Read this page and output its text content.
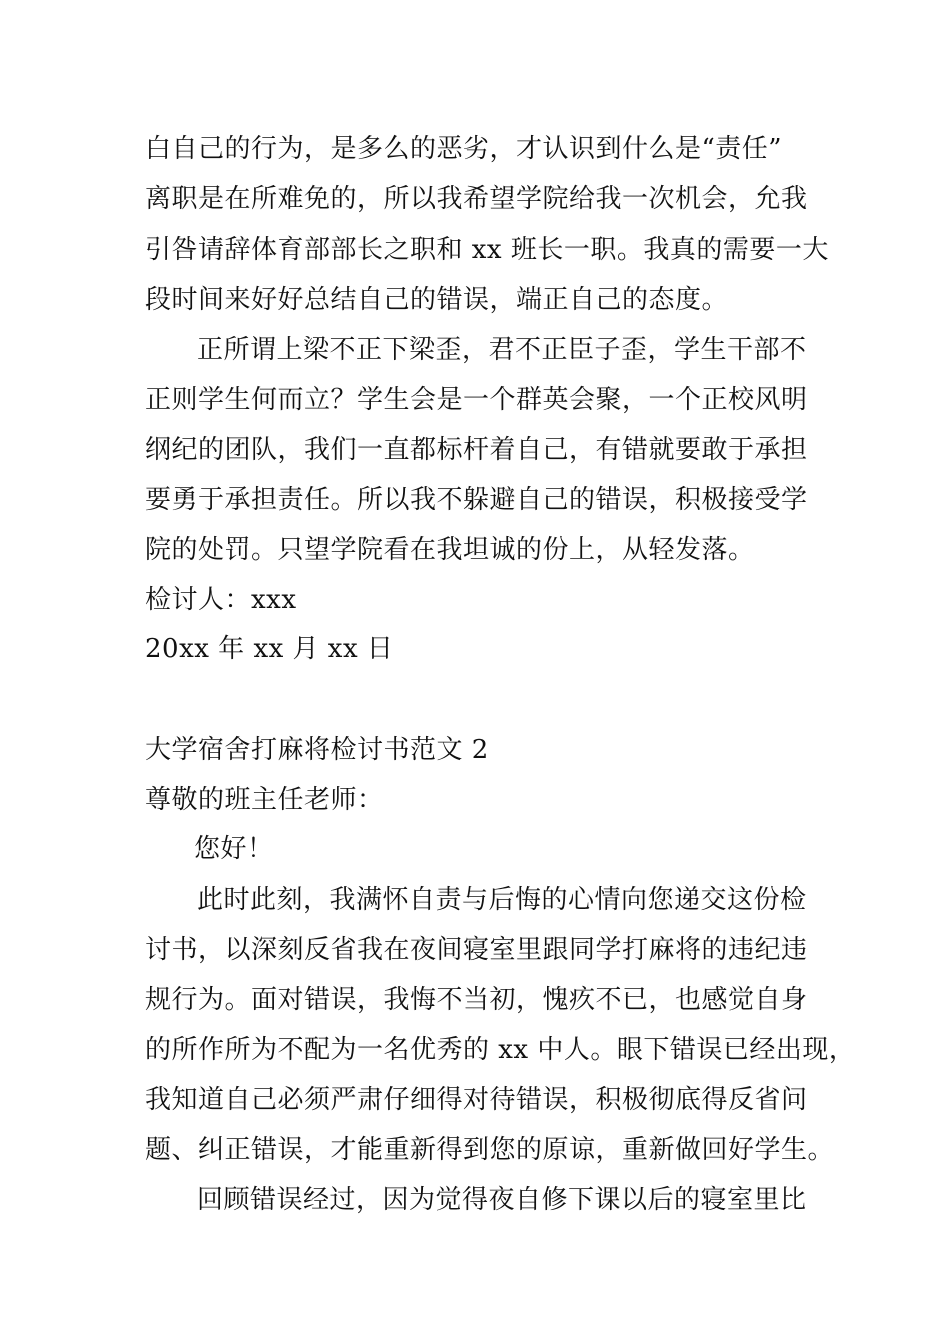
白自己的行为，是多么的恶劣，才认识到什么是“责任”
离职是在所难免的，所以我希望学院给我一次机会，允我
引咎请辞体育部部长之职和 xx 班长一职。我真的需要一大
段时间来好好总结自己的错误，端正自己的态度。
正所谓上梁不正下梁歪，君不正臣子歪，学生干部不
正则学生何而立？学生会是一个群英会聚，一个正校风明
纲纪的团队，我们一直都标杆着自己，有错就要敢于承担
要勇于承担责任。所以我不躲避自己的错误，积极接受学
院的处罚。只望学院看在我坦诚的份上，从轻发落。
检讨人：xxx
20xx 年 xx 月 xx 日
大学宿舍打麻将检讨书范文 2
尊敬的班主任老师：
您好！
此时此刻，我满怀自责与后悔的心情向您递交这份检
讨书，以深刻反省我在夜间寝室里跟同学打麻将的违纪违
规行为。面对错误，我悔不当初，愧疚不已，也感觉自身
的所作所为不配为一名优秀的 xx 中人。眼下错误已经出现，
我知道自己必须严肃仔细得对待错误，积极彻底得反省问
题、纠正错误，才能重新得到您的原谅，重新做回好学生。
回顾错误经过，因为觉得夜自修下课以后的寝室里比
